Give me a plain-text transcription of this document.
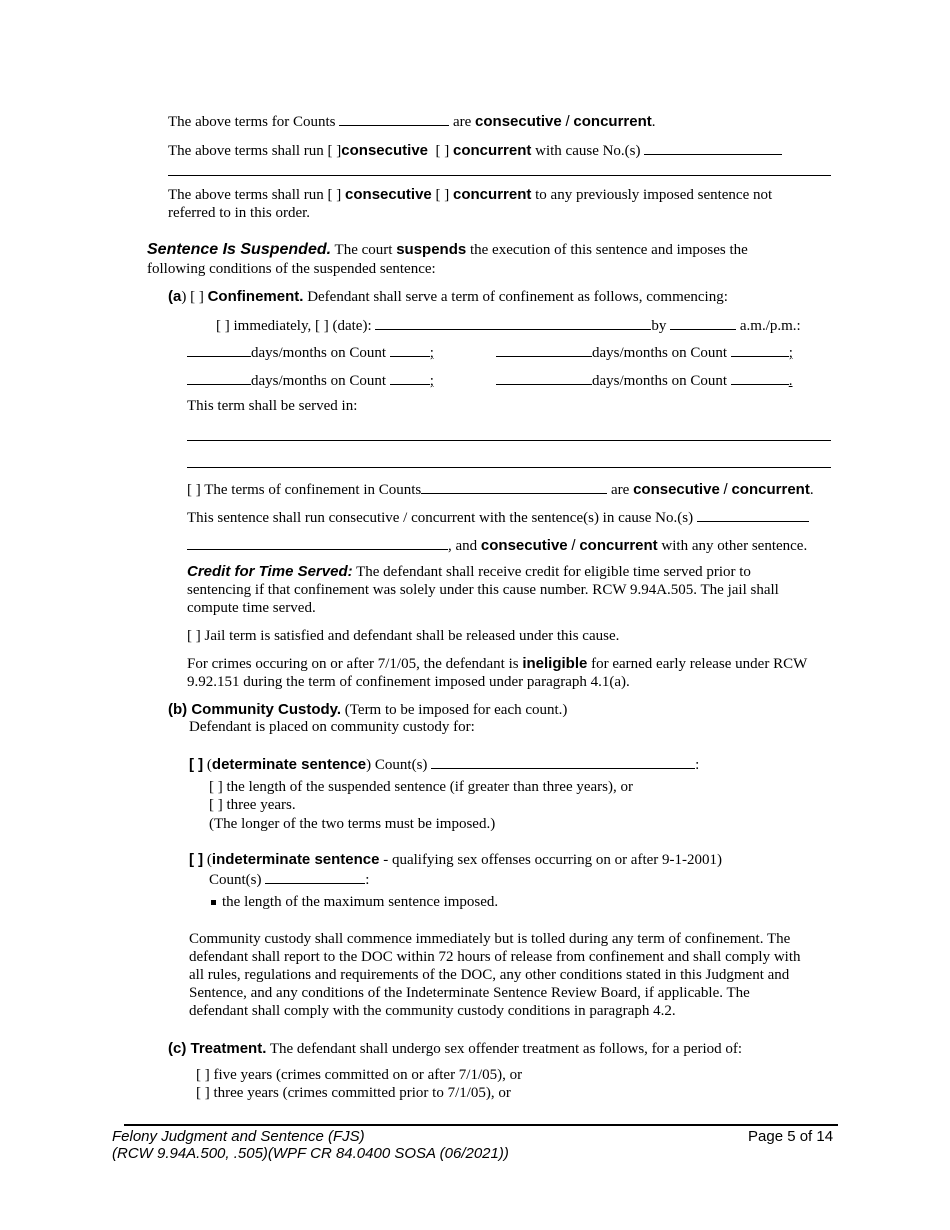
The above terms for Counts	are consecutive / concurrent.
The above terms shall run [ ]consecutive [ ] concurrent with cause No.(s)
The above terms shall run [ ] consecutive [ ] concurrent to any previously imposed sentence not
referred to in this order.
Sentence Is Suspended. The court suspends the execution of this sentence and imposes the
following conditions of the suspended sentence:
(a) [ ] Confinement. Defendant shall serve a term of confinement as follows, commencing:
[ ] immediately, [ ] (date):	by	a.m./p.m.:
days/months on Count	;	days/months on Count	;
days/months on Count	;	days/months on Count	.
This term shall be served in:
[ ] The terms of confinement in Counts	are consecutive / concurrent.
This sentence shall run consecutive / concurrent with the sentence(s) in cause No.(s)
, and consecutive / concurrent with any other sentence.
Credit for Time Served: The defendant shall receive credit for eligible time served prior to
sentencing if that confinement was solely under this cause number. RCW 9.94A.505. The jail shall
compute time served.
[ ] Jail term is satisfied and defendant shall be released under this cause.
For crimes occuring on or after 7/1/05, the defendant is ineligible for earned early release under RCW
9.92.151 during the term of confinement imposed under paragraph 4.1(a).
(b) Community Custody. (Term to be imposed for each count.)
Defendant is placed on community custody for:
[ ] (determinate sentence) Count(s)	:
[ ] the length of the suspended sentence (if greater than three years), or
[ ] three years.
(The longer of the two terms must be imposed.)
[ ] (indeterminate sentence - qualifying sex offenses occurring on or after 9-1-2001)
Count(s)	:
the length of the maximum sentence imposed.
Community custody shall commence immediately but is tolled during any term of confinement. The
defendant shall report to the DOC within 72 hours of release from confinement and shall comply with
all rules, regulations and requirements of the DOC, any other conditions stated in this Judgment and
Sentence, and any conditions of the Indeterminate Sentence Review Board, if applicable. The
defendant shall comply with the community custody conditions in paragraph 4.2.
(c) Treatment. The defendant shall undergo sex offender treatment as follows, for a period of:
[ ] five years (crimes committed on or after 7/1/05), or
[ ] three years (crimes committed prior to 7/1/05), or
Felony Judgment and Sentence (FJS)
(RCW 9.94A.500, .505)(WPF CR 84.0400 SOSA (06/2021))
Page 5 of 14
